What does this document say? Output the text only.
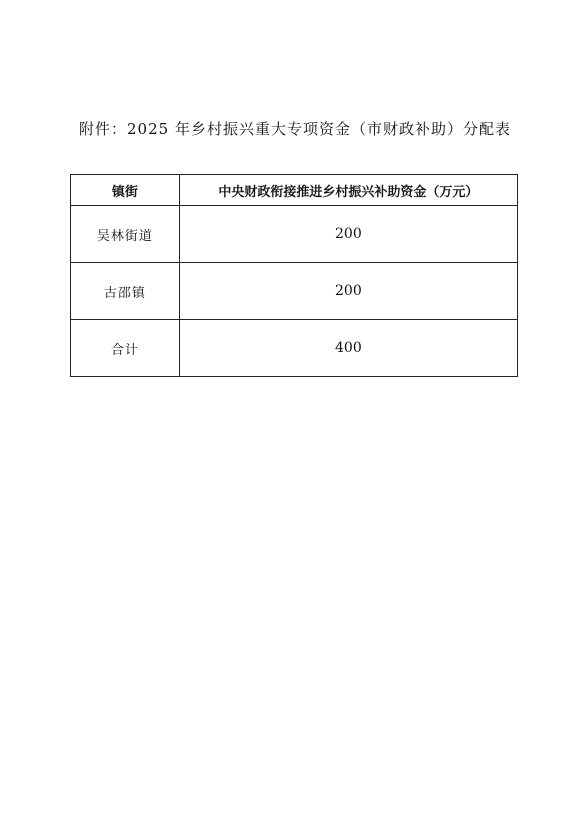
附件：2025 年乡村振兴重大专项资金（市财政补助）分配表
镇街	中央财政衔接推进乡村振兴补助资金（万元）
吴林街道	200
古邵镇	200
合计	400
